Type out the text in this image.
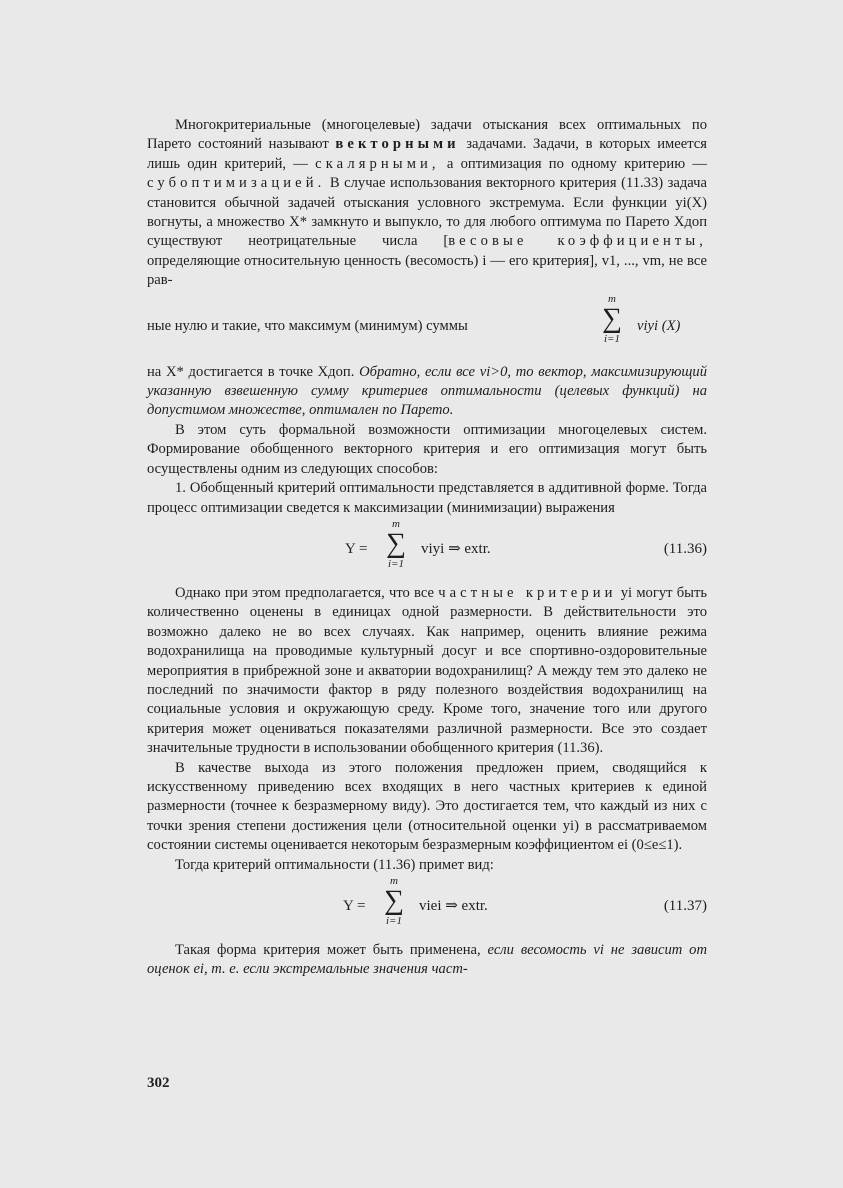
Многокритериальные (многоцелевые) задачи отыскания всех оптимальных по Парето состояний называют векторными задачами. Задачи, в которых имеется лишь один критерий, — скалярными, а оптимизация по одному критерию — субоптимизацией. В случае использования векторного критерия (11.33) задача становится обычной задачей отыскания условного экстремума. Если функции yi(X) вогнуты, а множество X* замкнуто и выпукло, то для любого оптимума по Парето Xдоп существуют неотрицательные числа [весовые коэффициенты, определяющие относительную ценность (весомость) i — его критерия], v1, ..., vm, не все рав-

ные нулю и такие, что максимум (минимум) суммы
m
∑
i=1
viyi (X)

на X* достигается в точке Xдоп. Обратно, если все vi>0, то вектор, максимизирующий указанную взвешенную сумму критериев оптимальности (целевых функций) на допустимом множестве, оптимален по Парето.

В этом суть формальной возможности оптимизации многоцелевых систем. Формирование обобщенного векторного критерия и его оптимизация могут быть осуществлены одним из следующих способов:

1. Обобщенный критерий оптимальности представляется в аддитивной форме. Тогда процесс оптимизации сведется к максимизации (минимизации) выражения

Y =
m
∑
i=1
viyi ⇒ extr.	(11.36)

Однако при этом предполагается, что все частные критерии yi могут быть количественно оценены в единицах одной размерности. В действительности это возможно далеко не во всех случаях. Как например, оценить влияние режима водохранилища на проводимые культурный досуг и все спортивно-оздоровительные мероприятия в прибрежной зоне и акватории водохранилищ? А между тем это далеко не последний по значимости фактор в ряду полезного воздействия водохранилищ на социальные условия и окружающую среду. Кроме того, значение того или другого критерия может оцениваться показателями различной размерности. Все это создает значительные трудности в использовании обобщенного критерия (11.36).

В качестве выхода из этого положения предложен прием, сводящийся к искусственному приведению всех входящих в него частных критериев к единой размерности (точнее к безразмерному виду). Это достигается тем, что каждый из них с точки зрения степени достижения цели (относительной оценки yi) в рассматриваемом состоянии системы оценивается некоторым безразмерным коэффициентом ei (0≤e≤1).

Тогда критерий оптимальности (11.36) примет вид:

Y =
m
∑
i=1
viei ⇒ extr.	(11.37)

Такая форма критерия может быть применена, если весомость vi не зависит от оценок ei, т. е. если экстремальные значения част-

302
